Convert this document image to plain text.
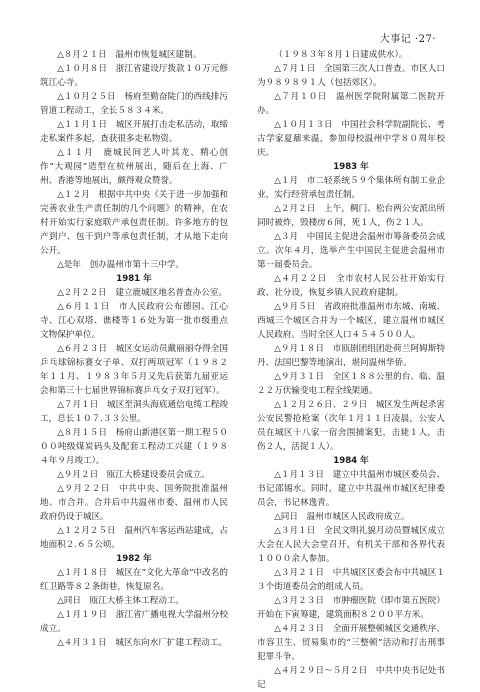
大事记 ·27·

△８月２１日　温州市恢复城区建制。

△１０月８日　浙江省建设厅拨款１０万元修筑江心寺。

△１０月２５日　杨府至勤奋陡门的西线排污管道工程动工，全长５８３４米。

△１１月１日　城区开展打击走私活动，取缔走私案件多起，查获很多走私物资。

△１１月　鹿城民间艺人叶其龙、精心创作“大观园”造型在杭州展出，随后在上海、广州、香港等地展出，颇得观众赞誉。

△１２月　根据中共中央《关于进一步加强和完善农业生产责任制的几个问题》的精神，在农村开始实行家庭联产承包责任制。许多地方的包产到户、包干到户等承包责任制，才从地下走向公开。

△是年　创办温州市第十三中学。

1981 年

△２月２２日　建立鹿城区地名普查办公室。

△６月１１日　市人民政府公布德园、江心寺、江心双塔、谯楼等１６处为第一批市级重点文物保护单位。

△６月２３日　城区女运动员戴丽丽夺得全国乒乓球锦标赛女子单、双打两项冠军（１９８２年１１月、１９８３年５月又先后获第九届亚运会和第三十七届世界锦标赛乒乓女子双打冠军）。

△７月１日　城区至洞头海底通信电缆工程竣工，总长１０７.３３公里。

△８月１５日　杨府山新港区第一期工程５０００吨级煤炭码头及配套工程动工兴建（１９８４年９月竣工）。

△９月２日　瓯江大桥建设委员会成立。

△９月２２日　中共中央、国务院批准温州地、市合并。合并后中共温州市委、温州市人民政府仍设于城区。

△１２月２５日　温州汽车客运西站建成，占地面积２.６５公顷。

1982 年

△１月１８日　城区在“文化大革命”中改名的红卫路等８２条街巷，恢复原名。

△同日　瓯江大桥主体工程动工。

△１月１９日　浙江省广播电视大学温州分校成立。

△４月３１日　城区东向水厂扩建工程动工。

（１９８３年８月１日建成供水）。

△７月１日　全国第三次人口普查。市区人口为９８９８９１人（包括郊区）。

△７月１０日　温州医学院附属第二医院开办。

△１０月１３日　中国社会科学院副院长、考古学家夏鼐来温，参加母校温州中学８０周年校庆。

1983 年

△１月　市二轻系统５９个集体所有制工业企业，实行经营承包责任制。

△２月２日　上午，稠门、松台两公安派出所同时被炸，毁楼房６间，死１人，伤２１人。

△３月　中国民主促进会温州市筹备委员会成立。次年４月，选举产生中国民主促进会温州市第一届委员会。

△４月２２日　全市农村人民公社开始实行政、社分设，恢复乡镇人民政府建制。

△９月５日　省政府批准温州市东城、南城、西城三个城区合并为一个城区，建立温州市城区人民政府。当时全区人口４５４５００人。

△９月１８日　市瓯剧团组团赴荷兰阿姆斯特丹、法国巴黎等地演出，堪问温州华侨。

△９月３１日　全区１８８公里的台、临、温２２万伏输变电工程全线架通。

△１２月２６日、２９日　城区发生两起杀害公安民警抢枪案（次年１月１１日凌晨，公安人员在城区十八家一宿舍围捕案犯，击毙１人，击伤２人，活捉１人）。

1984 年

△１月１３日　建立中共温州市城区委员会、书记邵锡水。同时，建立中共温州市城区纪律委员会，书记林逸青。

△同日　温州市城区人民政府成立。

△３月１日　全民文明礼貌月动员暨城区成立大会在人民大会堂召开，有机关干部和各界代表１０００余人参加。

△３月２１日　中共城区区委会布中共城区１３个街道委员会的组成人员。

△３月２３日　市肿瘤医院（即市第五医院）开始在下寅筹建，建筑面积８２００平方米。

△４月２３日　全面开展整顿城区交通秩序、市容卫生、贸易集市的“三整顿”活动和打击刑事犯罪斗争。

△４月２９日～５月２日　中共中央书记处书记
